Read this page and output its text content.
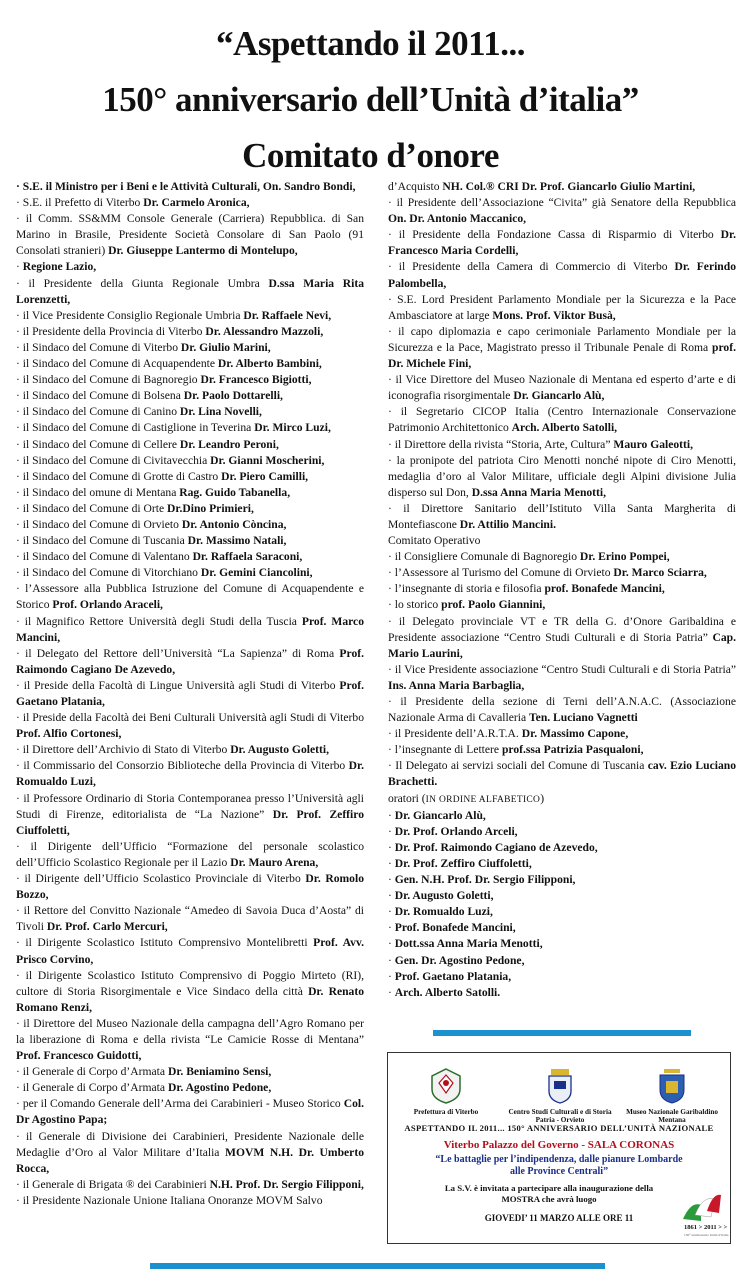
“Aspettando il 2011...
150° anniversario dell’Unità d’italia”
Comitato d’onore

· S.E. il Ministro per i Beni e le Attività Culturali, On. Sandro Bondi,

· S.E. il Prefetto di Viterbo Dr. Carmelo Aronica,

· il Comm. SS&MM Console Generale (Carriera) Repubblica. di San Marino in Brasile, Presidente Società Consolare di San Paolo (91 Consolati stranieri) Dr. Giuseppe Lantermo di Montelupo,

· Regione Lazio,

· il Presidente della Giunta Regionale Umbra D.ssa Maria Rita Lorenzetti,

· il Vice Presidente Consiglio Regionale Umbria Dr. Raffaele Nevi,

· il Presidente della Provincia di Viterbo Dr. Alessandro Mazzoli,

· il Sindaco del Comune di Viterbo Dr. Giulio Marini,

· il Sindaco del Comune di Acquapendente Dr. Alberto Bambini,

· il Sindaco del Comune di Bagnoregio Dr. Francesco Bigiotti,

· il Sindaco del Comune di Bolsena Dr. Paolo Dottarelli,

· il Sindaco del Comune di Canino Dr. Lina Novelli,

· il Sindaco del Comune di Castiglione in Teverina Dr. Mirco Luzi,

· il Sindaco del Comune di Cellere Dr. Leandro Peroni,

· il Sindaco del Comune di Civitavecchia Dr. Gianni Moscherini,

· il Sindaco del Comune di Grotte di Castro Dr. Piero Camilli,

· il Sindaco del omune di Mentana Rag. Guido Tabanella,

· il Sindaco del Comune di Orte Dr.Dino Primieri,

· il Sindaco del Comune di Orvieto Dr. Antonio Còncina,

· il Sindaco del Comune di Tuscania Dr. Massimo Natali,

· il Sindaco del Comune di Valentano Dr. Raffaela Saraconi,

· il Sindaco del Comune di Vitorchiano Dr. Gemini Ciancolini,

· l’Assessore alla Pubblica Istruzione del Comune di Acquapendente e Storico Prof. Orlando Araceli,

· il Magnifico Rettore Università degli Studi della Tuscia Prof. Marco Mancini,

· il Delegato del Rettore dell’Università “La Sapienza” di Roma Prof. Raimondo Cagiano De Azevedo,

· il Preside della Facoltà di Lingue Università agli Studi di Viterbo Prof. Gaetano Platania,

· il Preside della Facoltà dei Beni Culturali Università agli Studi di Viterbo Prof. Alfio Cortonesi,

· il Direttore dell’Archivio di Stato di Viterbo Dr. Augusto Goletti,

· il Commissario del Consorzio Biblioteche della Provincia di Viterbo Dr. Romualdo Luzi,

· il Professore Ordinario di Storia Contemporanea presso l’Università agli Studi di Firenze, editorialista de “La Nazione” Dr. Prof. Zeffiro Ciuffoletti,

· il Dirigente dell’Ufficio “Formazione del personale scolastico dell’Ufficio Scolastico Regionale per il Lazio Dr. Mauro Arena,

· il Dirigente dell’Ufficio Scolastico Provinciale di Viterbo Dr. Romolo Bozzo,

· il Rettore del Convitto Nazionale “Amedeo di Savoia Duca d’Aosta” di Tivoli Dr. Prof. Carlo Mercuri,

· il Dirigente Scolastico Istituto Comprensivo Montelibretti Prof. Avv. Prisco Corvino,

· il Dirigente Scolastico Istituto Comprensivo di Poggio Mirteto (RI), cultore di Storia Risorgimentale e Vice Sindaco della città Dr. Renato Romano Renzi,

· il Direttore del Museo Nazionale della campagna dell’Agro Romano per la liberazione di Roma e della rivista “Le Camicie Rosse di Mentana” Prof. Francesco Guidotti,

· il Generale di Corpo d’Armata Dr. Beniamino Sensi,

· il Generale di Corpo d’Armata Dr. Agostino Pedone,

· per il Comando Generale dell’Arma dei Carabinieri - Museo Storico Col. Dr Agostino Papa;

· il Generale di Divisione dei Carabinieri, Presidente Nazionale delle Medaglie d’Oro al Valor Militare d’Italia MOVM N.H. Dr. Umberto Rocca,

· il Generale di Brigata ® dei Carabinieri N.H. Prof. Dr. Sergio Filipponi,

· il Presidente Nazionale Unione Italiana Onoranze MOVM Salvo

d’Acquisto NH. Col.® CRI Dr. Prof. Giancarlo Giulio Martini,

· il Presidente dell’Associazione “Civita” già Senatore della Repubblica On. Dr. Antonio Maccanico,

· il Presidente della Fondazione Cassa di Risparmio di Viterbo Dr. Francesco Maria Cordelli,

· il Presidente della Camera di Commercio di Viterbo Dr. Ferindo Palombella,

· S.E. Lord President Parlamento Mondiale per la Sicurezza e la Pace Ambasciatore at large Mons. Prof. Viktor Busà,

· il capo diplomazia e capo cerimoniale Parlamento Mondiale per la Sicurezza e la Pace, Magistrato presso il Tribunale Penale di Roma prof. Dr. Michele Fini,

· il Vice Direttore del Museo Nazionale di Mentana ed esperto d’arte e di iconografia risorgimentale Dr. Giancarlo Alù,

· il Segretario CICOP Italia (Centro Internazionale Conservazione Patrimonio Architettonico Arch. Alberto Satolli,

· il Direttore della rivista “Storia, Arte, Cultura” Mauro Galeotti,

· la pronipote del patriota Ciro Menotti nonché nipote di Ciro Menotti, medaglia d’oro al Valor Militare, ufficiale degli Alpini divisione Julia disperso sul Don, D.ssa Anna Maria Menotti,

· il Direttore Sanitario dell’Istituto Villa Santa Margherita di Montefiascone Dr. Attilio Mancini.

Comitato Operativo

· il Consigliere Comunale di Bagnoregio Dr. Erino Pompei,

· l’Assessore al Turismo del Comune di Orvieto Dr. Marco Sciarra,

· l’insegnante di storia e filosofia prof. Bonafede Mancini,

· lo storico prof. Paolo Giannini,

· il Delegato provinciale VT e TR della G. d’Onore Garibaldina e Presidente associazione “Centro Studi Culturali e di Storia Patria” Cap. Mario Laurini,

· il Vice Presidente associazione “Centro Studi Culturali e di Storia Patria” Ins. Anna Maria Barbaglia,

· il Presidente della sezione di Terni dell’A.N.A.C. (Associazione Nazionale Arma di Cavalleria Ten. Luciano Vagnetti

· il Presidente dell’A.R.T.A. Dr. Massimo Capone,

· l’insegnante di Lettere prof.ssa Patrizia Pasqualoni,

· Il Delegato ai servizi sociali del Comune di Tuscania cav. Ezio Luciano Brachetti.

oratori (IN ORDINE ALFABETICO)

· Dr. Giancarlo Alù,

· Dr. Prof. Orlando Arceli,

· Dr. Prof. Raimondo Cagiano de Azevedo,

· Dr. Prof. Zeffiro Ciuffoletti,

· Gen. N.H. Prof. Dr. Sergio Filipponi,

· Dr. Augusto Goletti,

· Dr. Romualdo Luzi,

· Prof. Bonafede Mancini,

· Dott.ssa Anna Maria Menotti,

· Gen. Dr. Agostino Pedone,

· Prof. Gaetano Platania,

· Arch. Alberto Satolli.

Prefettura di Viterbo	Centro Studi Culturali e di Storia Patria - Orvieto
Museo Nazionale Garibaldino Mentana
ASPETTANDO IL 2011... 150° ANNIVERSARIO DELL’UNITÀ NAZIONALE
Viterbo Palazzo del Governo - SALA CORONAS
“Le battaglie per l’indipendenza, dalle pianure Lombarde alle Province Centrali”
La S.V. è invitata a partecipare alla inaugurazione della MOSTRA che avrà luogo
GIOVEDI’ 11 MARZO ALLE ORE 11
1861 > 2011 > >
150° anniversario Unità d’Italia
